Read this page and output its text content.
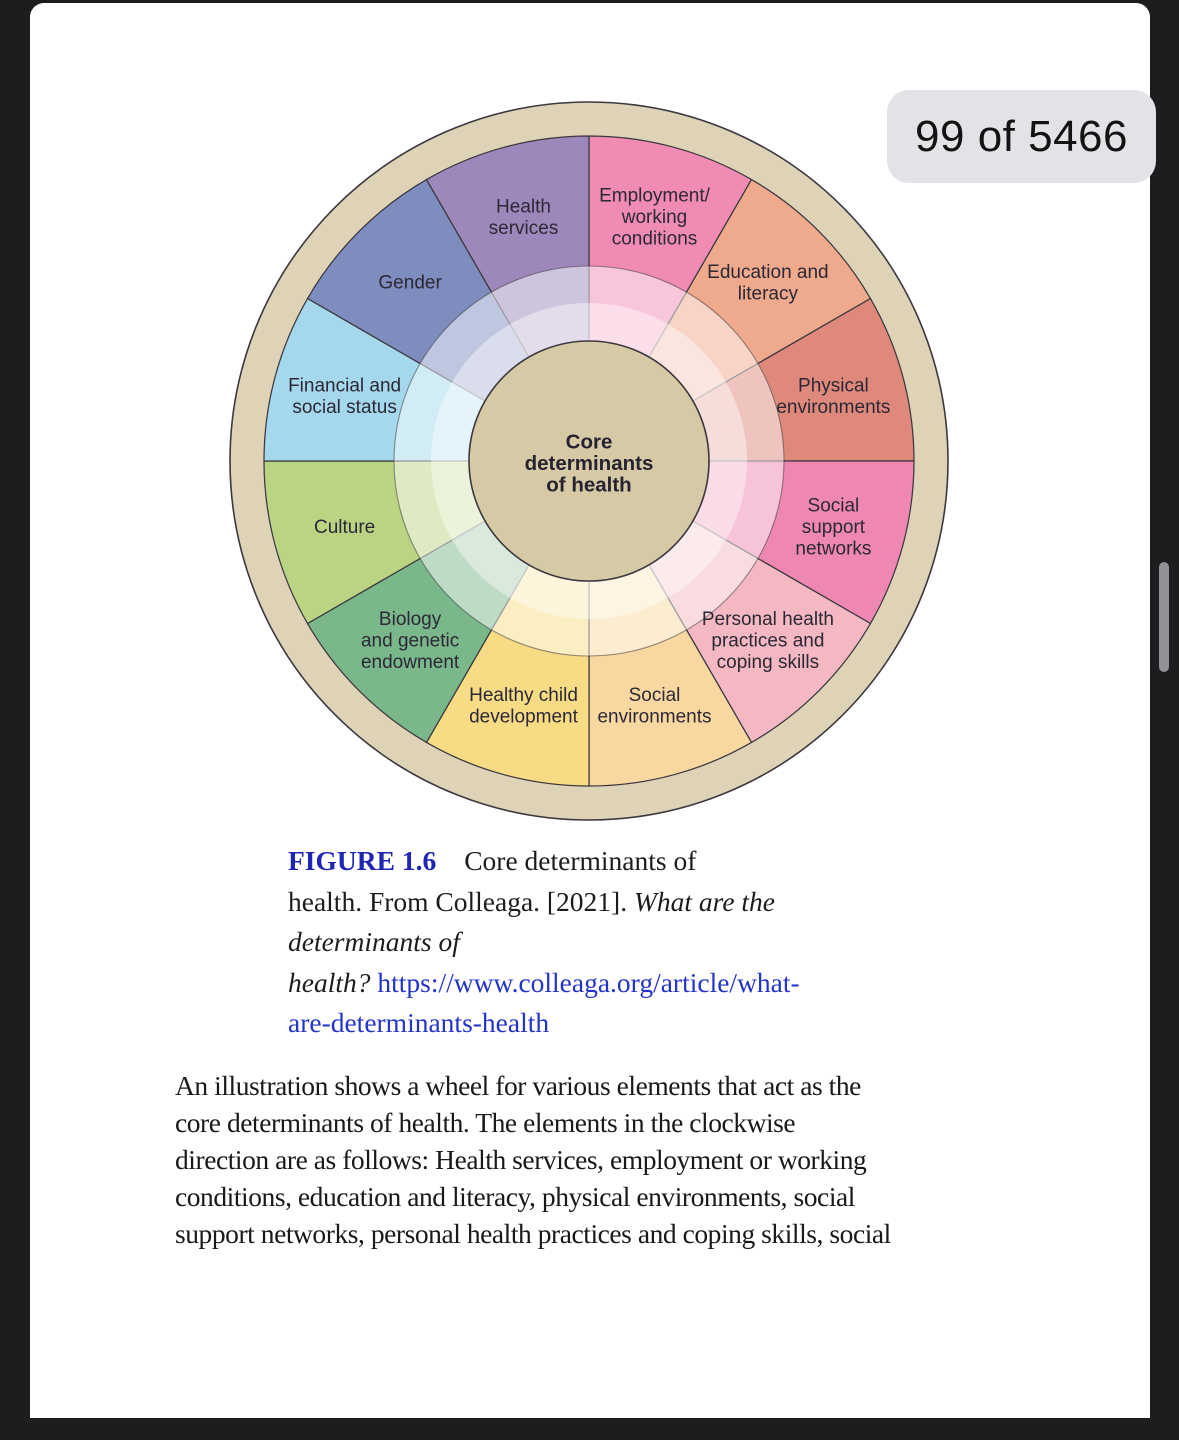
99 of 5466
Employment/ working conditions
Education and literacy
Physical environments
Social support networks
Personal health practices and coping skills
Social environments
Healthy child development
Biology and genetic endowment
Culture
Financial and social status
Gender
Health services
Core determinants of health
FIGURE 1.6 Core determinants of
health. From Colleaga. [2021]. What are the
determinants of
health? https://www.colleaga.org/article/what-
are-determinants-health
An illustration shows a wheel for various elements that act as the
core determinants of health. The elements in the clockwise
direction are as follows: Health services, employment or working
conditions, education and literacy, physical environments, social
support networks, personal health practices and coping skills, social
